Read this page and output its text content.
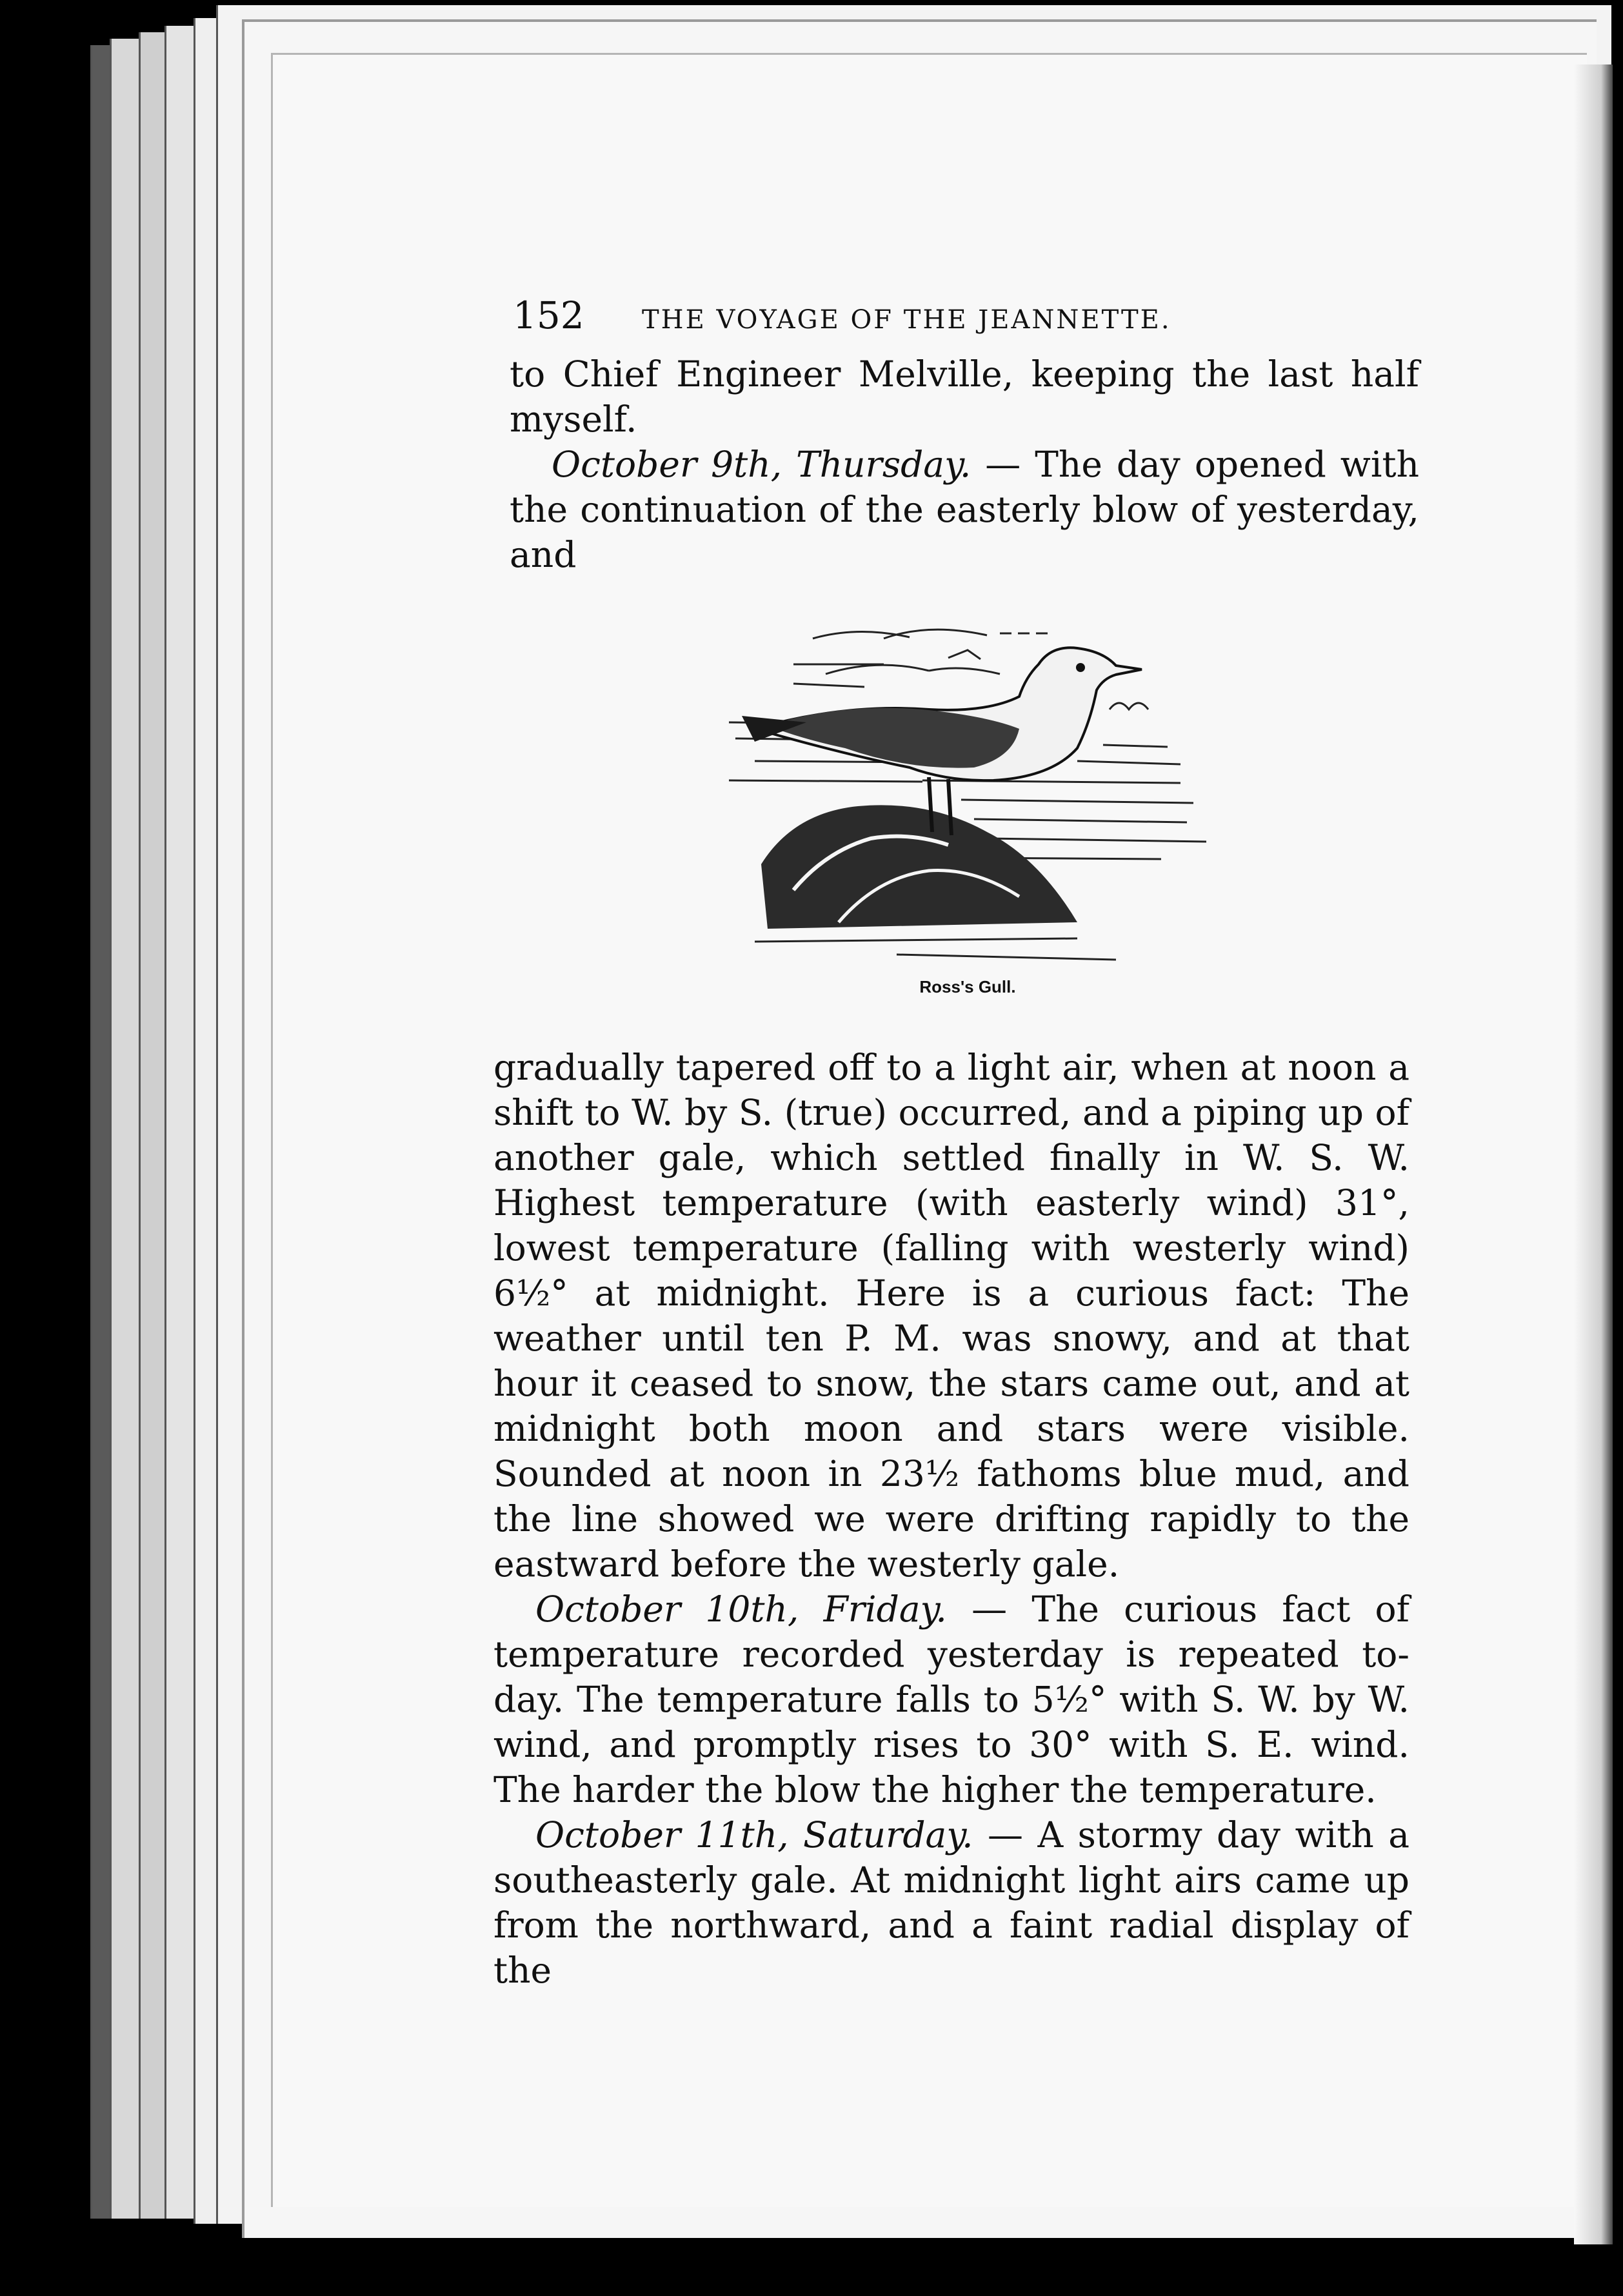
152	THE VOYAGE OF THE JEANNETTE.

to Chief Engineer Melville, keeping the last half myself.

October 9th, Thursday. — The day opened with the continuation of the easterly blow of yesterday, and

Ross's Gull.

gradually tapered off to a light air, when at noon a shift to W. by S. (true) occurred, and a piping up of another gale, which settled finally in W. S. W. Highest temperature (with easterly wind) 31°, lowest temperature (falling with westerly wind) 6½° at midnight. Here is a curious fact: The weather until ten P. M. was snowy, and at that hour it ceased to snow, the stars came out, and at midnight both moon and stars were visible. Sounded at noon in 23½ fathoms blue mud, and the line showed we were drifting rapidly to the eastward before the westerly gale.

October 10th, Friday. — The curious fact of temperature recorded yesterday is repeated to-day. The temperature falls to 5½° with S. W. by W. wind, and promptly rises to 30° with S. E. wind. The harder the blow the higher the temperature.

October 11th, Saturday. — A stormy day with a southeasterly gale. At midnight light airs came up from the northward, and a faint radial display of the
